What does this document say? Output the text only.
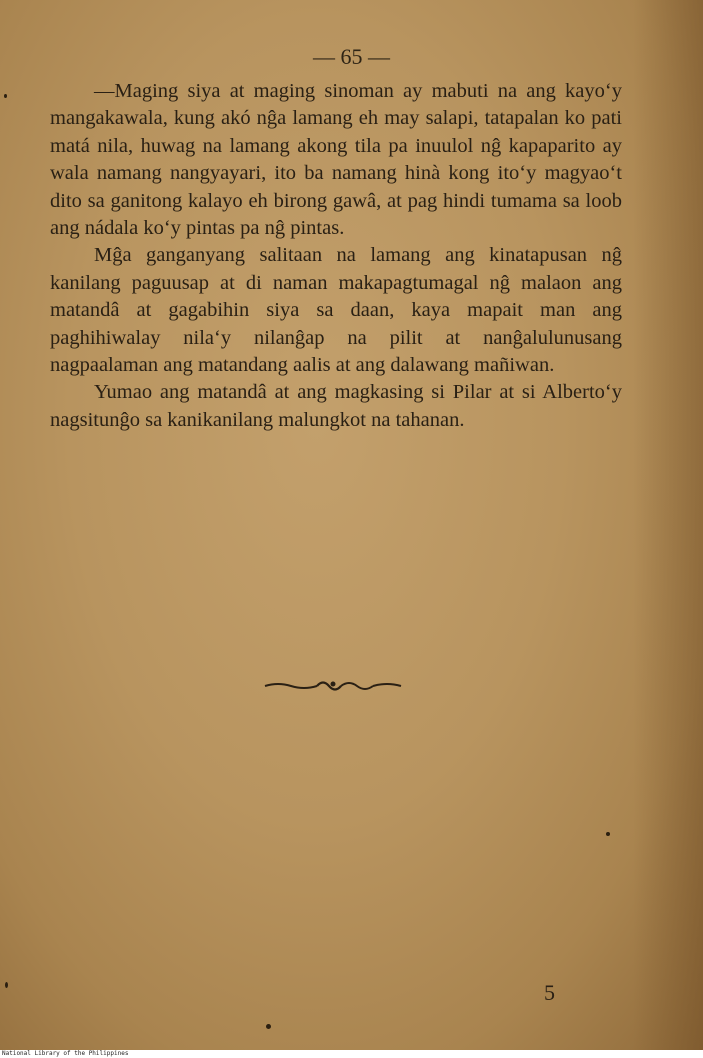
— 65 —

—Maging siya at maging sinoman ay mabuti na ang kayo‘y mangakawala, kung akó nĝa lamang eh may salapi, tatapalan ko pati matá nila, huwag na lamang akong tila pa inuulol nĝ kapaparito ay wala namang nangyayari, ito ba namang hinà kong ito‘y magyao‘t dito sa ganitong kalayo eh birong gawâ, at pag hindi tumama sa loob ang nádala ko‘y pintas pa nĝ pintas.

Mĝa ganganyang salitaan na lamang ang kinatapusan nĝ kanilang paguusap at di naman makapagtumagal nĝ malaon ang matandâ at gagabihin siya sa daan, kaya mapait man ang paghihiwalay nila‘y nilanĝap na pilit at nanĝalulunusang nagpaalaman ang matandang aalis at ang dalawang mañiwan.

Yumao ang matandâ at ang magkasing si Pilar at si Alberto‘y nagsitunĝo sa kanikanilang malungkot na tahanan.

5
National Library of the Philippines
